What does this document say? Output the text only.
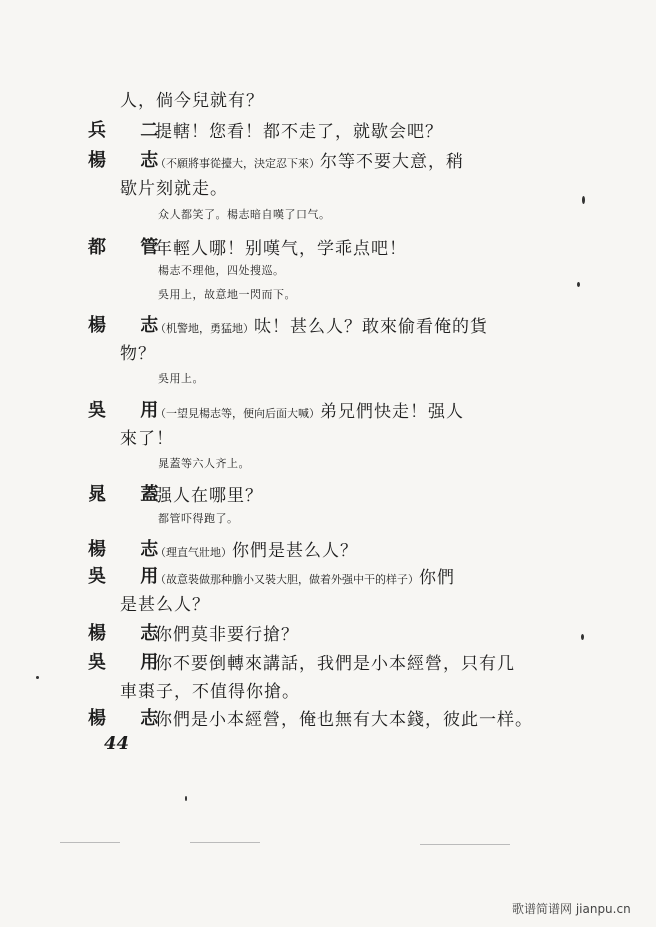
人，倘今兒就有？
兵 二
提轄！您看！都不走了，就歇会吧？
楊 志
（不願將事從擡大，決定忍下來）尔等不要大意，稍
歇片刻就走。
众人都笑了。楊志暗自嘆了口气。
都 管
年輕人哪！别嘆气，学乖点吧！
楊志不理他，四处搜巡。
吳用上，故意地一閃而下。
楊 志
（机警地，勇猛地）呔！甚么人？敢來偷看俺的貨
物？
吳用上。
吳 用
（一望見楊志等，便向后面大喊）弟兄們快走！强人
來了！
晁蓋等六人齐上。
晁 蓋
强人在哪里？
都管吓得跑了。
楊 志
（理直气壯地）你們是甚么人？
吳 用
（故意裝做那种膽小又裝大胆，做着外强中干的样子）你們
是甚么人？
楊 志
你們莫非要行搶？
吳 用
你不要倒轉來講話，我們是小本經營，只有几
車棗子，不值得你搶。
楊 志
你們是小本經營，俺也無有大本錢，彼此一样。
44
歌谱简谱网 jianpu.cn
